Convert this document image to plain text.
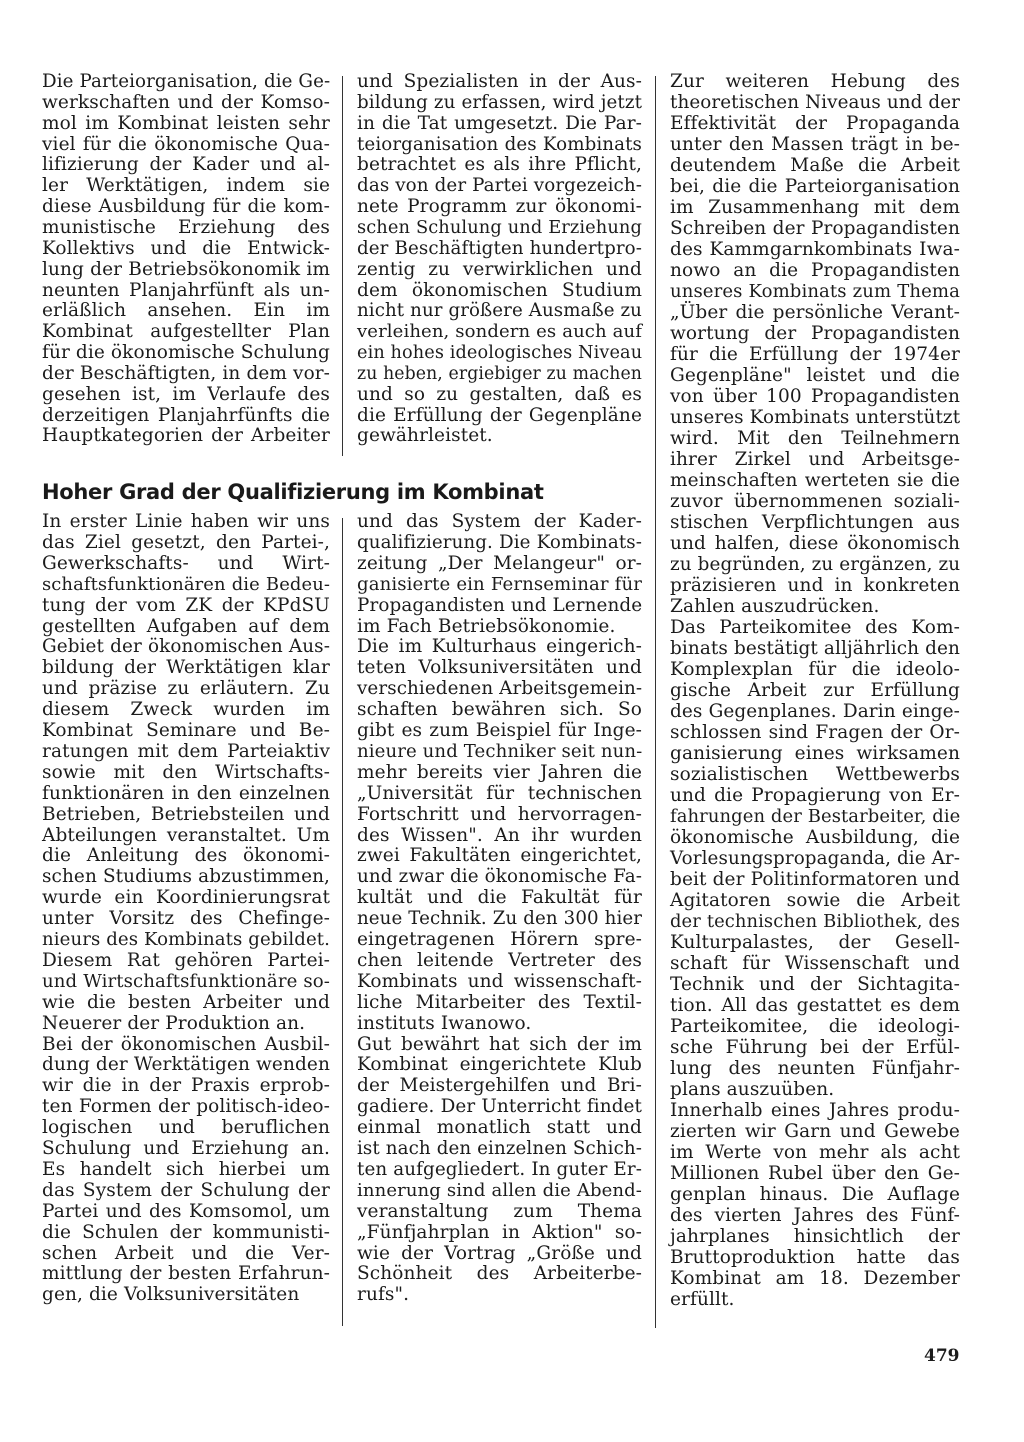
Die Parteiorganisation, die Ge-
werkschaften und der Komso-
mol im Kombinat leisten sehr
viel für die ökonomische Qua-
lifizierung der Kader und al-
ler Werktätigen, indem sie
diese Ausbildung für die kom-
munistische Erziehung des
Kollektivs und die Entwick-
lung der Betriebsökonomik im
neunten Planjahrfünft als un-
erläßlich ansehen. Ein im
Kombinat aufgestellter Plan
für die ökonomische Schulung
der Beschäftigten, in dem vor-
gesehen ist, im Verlaufe des
derzeitigen Planjahrfünfts die
Hauptkategorien der Arbeiter
und Spezialisten in der Aus-
bildung zu erfassen, wird jetzt
in die Tat umgesetzt. Die Par-
teiorganisation des Kombinats
betrachtet es als ihre Pflicht,
das von der Partei vorgezeich-
nete Programm zur ökonomi-
schen Schulung und Erziehung
der Beschäftigten hundertpro-
zentig zu verwirklichen und
dem ökonomischen Studium
nicht nur größere Ausmaße zu
verleihen, sondern es auch auf
ein hohes ideologisches Niveau
zu heben, ergiebiger zu machen
und so zu gestalten, daß es
die Erfüllung der Gegenpläne
gewährleistet.
Zur weiteren Hebung des
theoretischen Niveaus und der
Effektivität der Propaganda
unter den Massen trägt in be-
deutendem Maße die Arbeit
bei, die die Parteiorganisation
im Zusammenhang mit dem
Schreiben der Propagandisten
des Kammgarnkombinats Iwa-
nowo an die Propagandisten
unseres Kombinats zum Thema
„Über die persönliche Verant-
wortung der Propagandisten
für die Erfüllung der 1974er
Gegenpläne" leistet und die
von über 100 Propagandisten
unseres Kombinats unterstützt
wird. Mit den Teilnehmern
ihrer Zirkel und Arbeitsge-
meinschaften werteten sie die
zuvor übernommenen soziali-
stischen Verpflichtungen aus
und halfen, diese ökonomisch
zu begründen, zu ergänzen, zu
präzisieren und in konkreten
Zahlen auszudrücken.
Das Parteikomitee des Kom-
binats bestätigt alljährlich den
Komplexplan für die ideolo-
gische Arbeit zur Erfüllung
des Gegenplanes. Darin einge-
schlossen sind Fragen der Or-
ganisierung eines wirksamen
sozialistischen Wettbewerbs
und die Propagierung von Er-
fahrungen der Bestarbeiter, die
ökonomische Ausbildung, die
Vorlesungspropaganda, die Ar-
beit der Politinformatoren und
Agitatoren sowie die Arbeit
der technischen Bibliothek, des
Kulturpalastes, der Gesell-
schaft für Wissenschaft und
Technik und der Sichtagita-
tion. All das gestattet es dem
Parteikomitee, die ideologi-
sche Führung bei der Erfül-
lung des neunten Fünfjahr-
plans auszuüben.
Innerhalb eines Jahres produ-
zierten wir Garn und Gewebe
im Werte von mehr als acht
Millionen Rubel über den Ge-
genplan hinaus. Die Auflage
des vierten Jahres des Fünf-
jahrplanes hinsichtlich der
Bruttoproduktion hatte das
Kombinat am 18. Dezember
erfüllt.
In erster Linie haben wir uns
das Ziel gesetzt, den Partei-,
Gewerkschafts- und Wirt-
schaftsfunktionären die Bedeu-
tung der vom ZK der KPdSU
gestellten Aufgaben auf dem
Gebiet der ökonomischen Aus-
bildung der Werktätigen klar
und präzise zu erläutern. Zu
diesem Zweck wurden im
Kombinat Seminare und Be-
ratungen mit dem Parteiaktiv
sowie mit den Wirtschafts-
funktionären in den einzelnen
Betrieben, Betriebsteilen und
Abteilungen veranstaltet. Um
die Anleitung des ökonomi-
schen Studiums abzustimmen,
wurde ein Koordinierungsrat
unter Vorsitz des Chefinge-
nieurs des Kombinats gebildet.
Diesem Rat gehören Partei-
und Wirtschaftsfunktionäre so-
wie die besten Arbeiter und
Neuerer der Produktion an.
Bei der ökonomischen Ausbil-
dung der Werktätigen wenden
wir die in der Praxis erprob-
ten Formen der politisch-ideo-
logischen und beruflichen
Schulung und Erziehung an.
Es handelt sich hierbei um
das System der Schulung der
Partei und des Komsomol, um
die Schulen der kommunisti-
schen Arbeit und die Ver-
mittlung der besten Erfahrun-
gen, die Volksuniversitäten
und das System der Kader-
qualifizierung. Die Kombinats-
zeitung „Der Melangeur" or-
ganisierte ein Fernseminar für
Propagandisten und Lernende
im Fach Betriebsökonomie.
Die im Kulturhaus eingerich-
teten Volksuniversitäten und
verschiedenen Arbeitsgemein-
schaften bewähren sich. So
gibt es zum Beispiel für Inge-
nieure und Techniker seit nun-
mehr bereits vier Jahren die
„Universität für technischen
Fortschritt und hervorragen-
des Wissen". An ihr wurden
zwei Fakultäten eingerichtet,
und zwar die ökonomische Fa-
kultät und die Fakultät für
neue Technik. Zu den 300 hier
eingetragenen Hörern spre-
chen leitende Vertreter des
Kombinats und wissenschaft-
liche Mitarbeiter des Textil-
instituts Iwanowo.
Gut bewährt hat sich der im
Kombinat eingerichtete Klub
der Meistergehilfen und Bri-
gadiere. Der Unterricht findet
einmal monatlich statt und
ist nach den einzelnen Schich-
ten aufgegliedert. In guter Er-
innerung sind allen die Abend-
veranstaltung zum Thema
„Fünfjahrplan in Aktion" so-
wie der Vortrag „Größe und
Schönheit des Arbeiterbe-
rufs".
Hoher Grad der Qualifizierung im Kombinat
479
